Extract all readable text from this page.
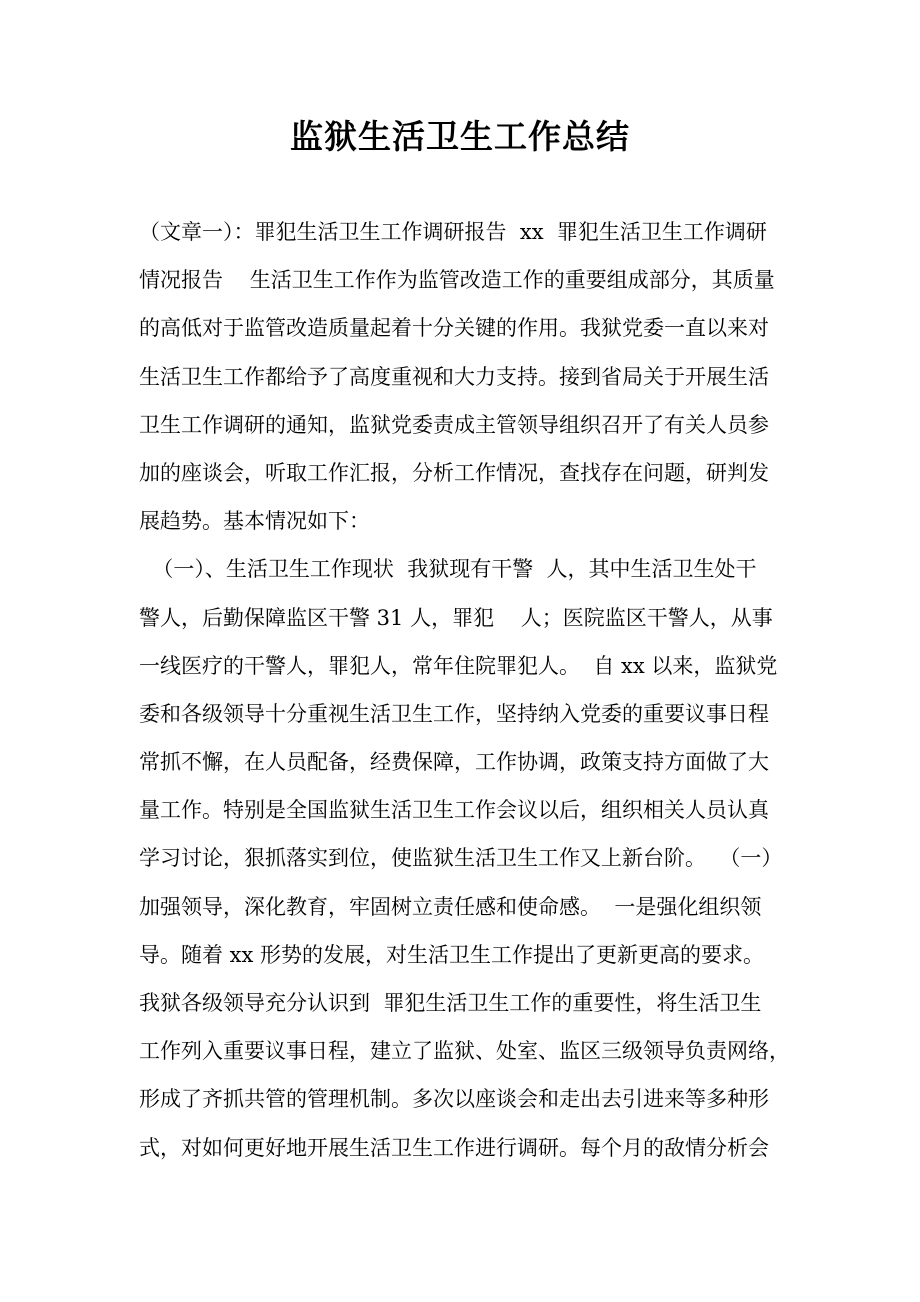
监狱生活卫生工作总结
（文章一）：罪犯生活卫生工作调研报告  xx  罪犯生活卫生工作调研
情况报告    生活卫生工作作为监管改造工作的重要组成部分，其质量
的高低对于监管改造质量起着十分关键的作用。我狱党委一直以来对
生活卫生工作都给予了高度重视和大力支持。接到省局关于开展生活
卫生工作调研的通知，监狱党委责成主管领导组织召开了有关人员参
加的座谈会，听取工作汇报，分析工作情况，查找存在问题，研判发
展趋势。基本情况如下：
（一）、生活卫生工作现状  我狱现有干警  人，其中生活卫生处干
警人，后勤保障监区干警 31 人，罪犯    人；医院监区干警人，从事
一线医疗的干警人，罪犯人，常年住院罪犯人。  自 xx 以来，监狱党
委和各级领导十分重视生活卫生工作，坚持纳入党委的重要议事日程
常抓不懈，在人员配备，经费保障，工作协调，政策支持方面做了大
量工作。特别是全国监狱生活卫生工作会议以后，组织相关人员认真
学习讨论，狠抓落实到位，使监狱生活卫生工作又上新台阶。  （一）
加强领导，深化教育，牢固树立责任感和使命感。  一是强化组织领
导。随着 xx 形势的发展，对生活卫生工作提出了更新更高的要求。
我狱各级领导充分认识到  罪犯生活卫生工作的重要性，将生活卫生
工作列入重要议事日程，建立了监狱、处室、监区三级领导负责网络，
形成了齐抓共管的管理机制。多次以座谈会和走出去引进来等多种形
式，对如何更好地开展生活卫生工作进行调研。每个月的敌情分析会
